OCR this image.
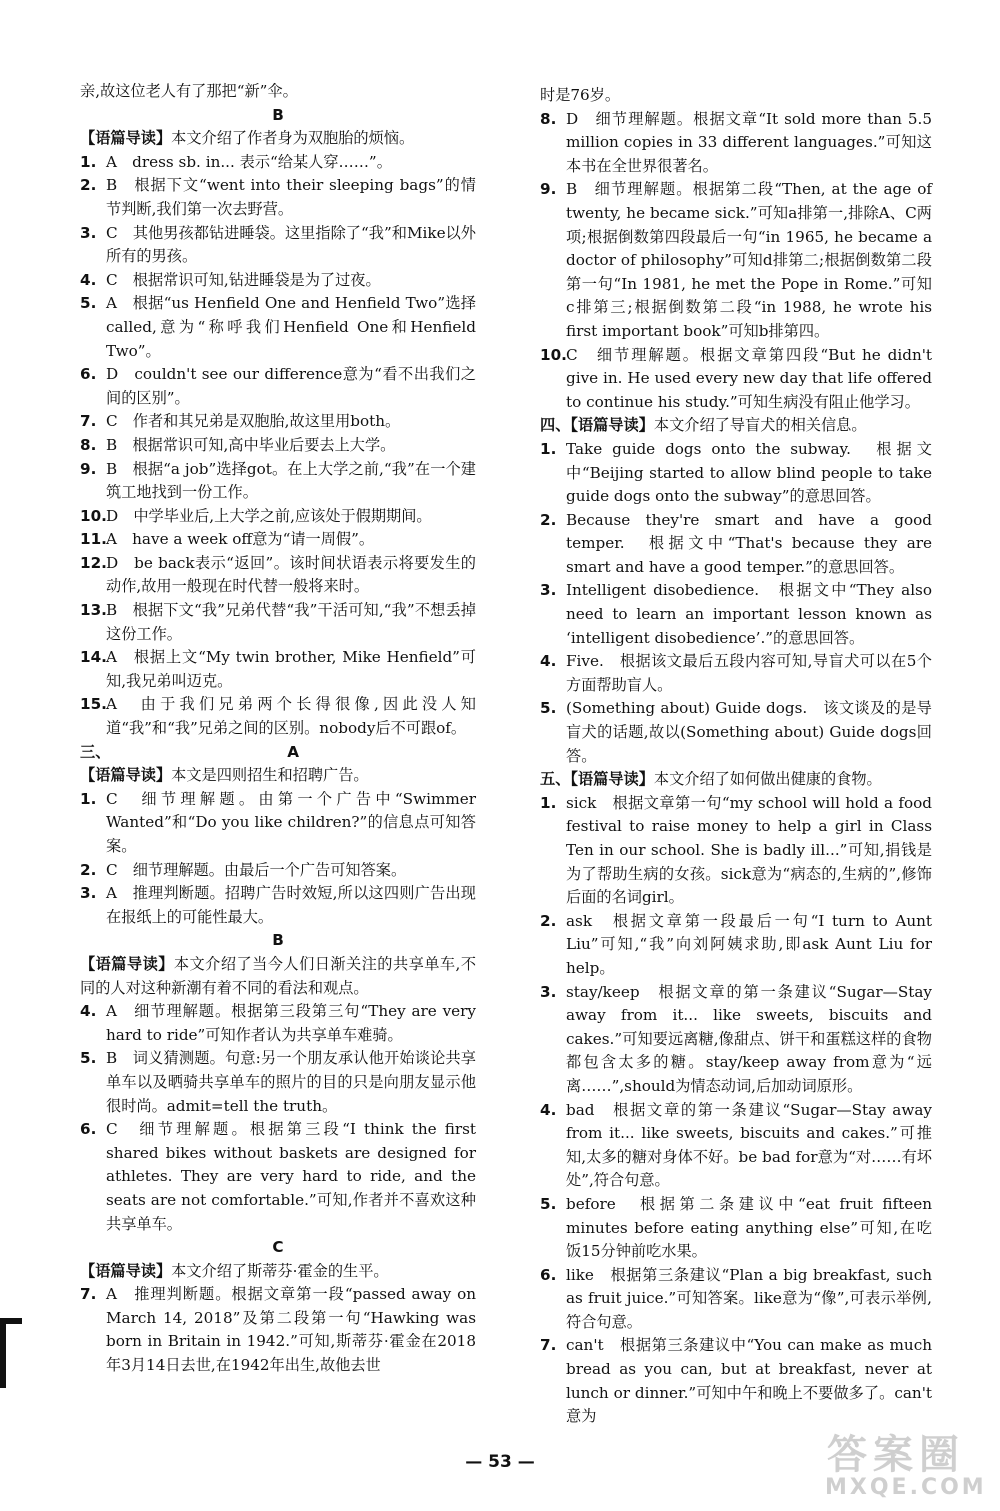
亲,故这位老人有了那把“新”伞。

B

【语篇导读】本文介绍了作者身为双胞胎的烦恼。

1. A　dress sb. in... 表示“给某人穿……”。
2. B　根据下文“went into their sleeping bags”的情节判断,我们第一次去野营。
3. C　其他男孩都钻进睡袋。这里指除了“我”和Mike以外所有的男孩。
4. C　根据常识可知,钻进睡袋是为了过夜。
5. A　根据“us Henfield One and Henfield Two”选择called,意为“称呼我们Henfield One和Henfield Two”。
6. D　couldn't see our difference意为“看不出我们之间的区别”。
7. C　作者和其兄弟是双胞胎,故这里用both。
8. B　根据常识可知,高中毕业后要去上大学。
9. B　根据“a job”选择got。在上大学之前,“我”在一个建筑工地找到一份工作。
10. D　中学毕业后,上大学之前,应该处于假期期间。
11. A　have a week off意为“请一周假”。
12. D　be back表示“返回”。该时间状语表示将要发生的动作,故用一般现在时代替一般将来时。
13. B　根据下文“我”兄弟代替“我”干活可知,“我”不想丢掉这份工作。
14. A　根据上文“My twin brother, Mike Henfield”可知,我兄弟叫迈克。
15. A　由于我们兄弟两个长得很像,因此没人知道“我”和“我”兄弟之间的区别。nobody后不可跟of。
三、	A

【语篇导读】本文是四则招生和招聘广告。

1. C　细节理解题。由第一个广告中“Swimmer Wanted”和“Do you like children?”的信息点可知答案。
2. C　细节理解题。由最后一个广告可知答案。
3. A　推理判断题。招聘广告时效短,所以这四则广告出现在报纸上的可能性最大。

B

【语篇导读】本文介绍了当今人们日渐关注的共享单车,不同的人对这种新潮有着不同的看法和观点。

4. A　细节理解题。根据第三段第三句“They are very hard to ride”可知作者认为共享单车难骑。
5. B　词义猜测题。句意:另一个朋友承认他开始谈论共享单车以及晒骑共享单车的照片的目的只是向朋友显示他很时尚。admit=tell the truth。
6. C　细节理解题。根据第三段“I think the first shared bikes without baskets are designed for athletes. They are very hard to ride, and the seats are not comfortable.”可知,作者并不喜欢这种共享单车。

C

【语篇导读】本文介绍了斯蒂芬·霍金的生平。

7. A　推理判断题。根据文章第一段“passed away on March 14, 2018”及第二段第一句“Hawking was born in Britain in 1942.”可知,斯蒂芬·霍金在2018年3月14日去世,在1942年出生,故他去世

时是76岁。

8. D　细节理解题。根据文章“It sold more than 5.5 million copies in 33 different languages.”可知这本书在全世界很著名。
9. B　细节理解题。根据第二段“Then, at the age of twenty, he became sick.”可知a排第一,排除A、C两项;根据倒数第四段最后一句“in 1965, he became a doctor of philosophy”可知d排第二;根据倒数第二段第一句“In 1981, he met the Pope in Rome.”可知c排第三;根据倒数第二段“in 1988, he wrote his first important book”可知b排第四。
10. C　细节理解题。根据文章第四段“But he didn't give in. He used every new day that life offered to continue his study.”可知生病没有阻止他学习。

四、【语篇导读】本文介绍了导盲犬的相关信息。

1. Take guide dogs onto the subway.　根据文中“Beijing started to allow blind people to take guide dogs onto the subway”的意思回答。
2. Because they're smart and have a good temper.　根据文中“That's because they are smart and have a good temper.”的意思回答。
3. Intelligent disobedience.　根据文中“They also need to learn an important lesson known as ‘intelligent disobedience’.”的意思回答。
4. Five.　根据该文最后五段内容可知,导盲犬可以在5个方面帮助盲人。
5. (Something about) Guide dogs.　该文谈及的是导盲犬的话题,故以(Something about) Guide dogs回答。

五、【语篇导读】本文介绍了如何做出健康的食物。

1. sick　根据文章第一句“my school will hold a food festival to raise money to help a girl in Class Ten in our school. She is badly ill...”可知,捐钱是为了帮助生病的女孩。sick意为“病态的,生病的”,修饰后面的名词girl。
2. ask　根据文章第一段最后一句“I turn to Aunt Liu”可知,“我”向刘阿姨求助,即ask Aunt Liu for help。
3. stay/keep　根据文章的第一条建议“Sugar—Stay away from it... like sweets, biscuits and cakes.”可知要远离糖,像甜点、饼干和蛋糕这样的食物都包含太多的糖。stay/keep away from意为“远离……”,should为情态动词,后加动词原形。
4. bad　根据文章的第一条建议“Sugar—Stay away from it... like sweets, biscuits and cakes.”可推知,太多的糖对身体不好。be bad for意为“对……有坏处”,符合句意。
5. before　根据第二条建议中“eat fruit fifteen minutes before eating anything else”可知,在吃饭15分钟前吃水果。
6. like　根据第三条建议“Plan a big breakfast, such as fruit juice.”可知答案。like意为“像”,可表示举例,符合句意。
7. can't　根据第三条建议中“You can make as much bread as you can, but at breakfast, never at lunch or dinner.”可知中午和晚上不要做多了。can't意为
— 53 —	答案圈
MXQE.COM
